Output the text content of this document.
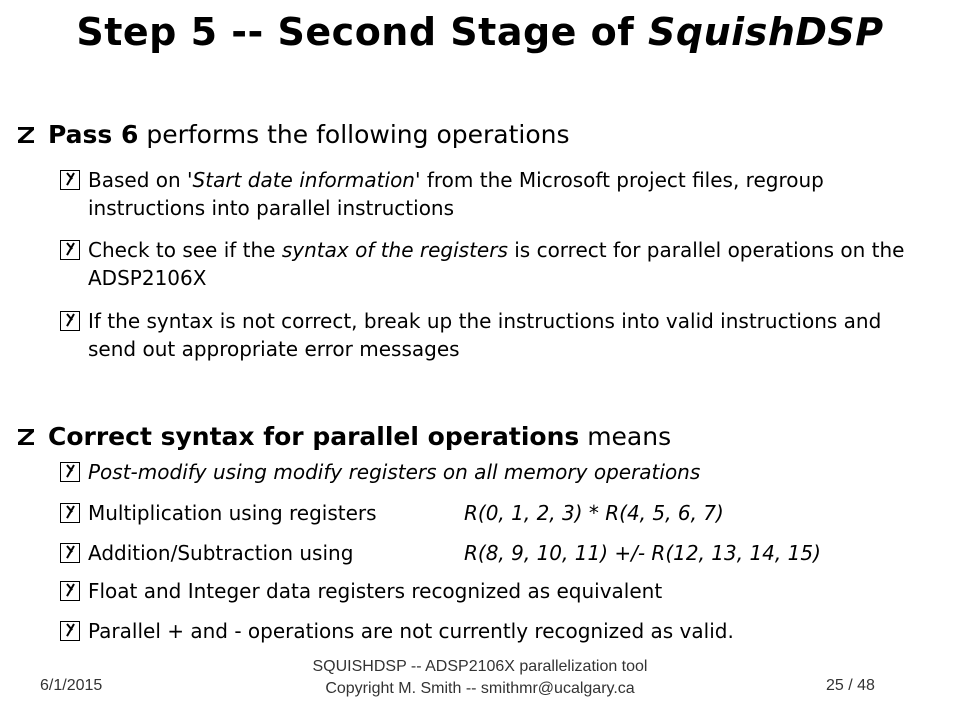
Step 5 -- Second Stage of SquishDSP
Pass 6 performs the following operations
Based on 'Start date information' from the Microsoft project files, regroup instructions into parallel instructions
Check to see if the syntax of the registers is correct for parallel operations on the ADSP2106X
If the syntax is not correct, break up the instructions into valid instructions and send out appropriate error messages
Correct syntax for parallel operations means
Post-modify using modify registers on all memory operations
Multiplication using registers	R(0, 1, 2, 3) * R(4, 5, 6, 7)
Addition/Subtraction using	R(8, 9, 10, 11) +/- R(12, 13, 14, 15)
Float and Integer data registers recognized as equivalent
Parallel + and - operations are not currently recognized as valid.
6/1/2015
SQUISHDSP -- ADSP2106X parallelization tool
Copyright M. Smith -- smithmr@ucalgary.ca	25 / 48
